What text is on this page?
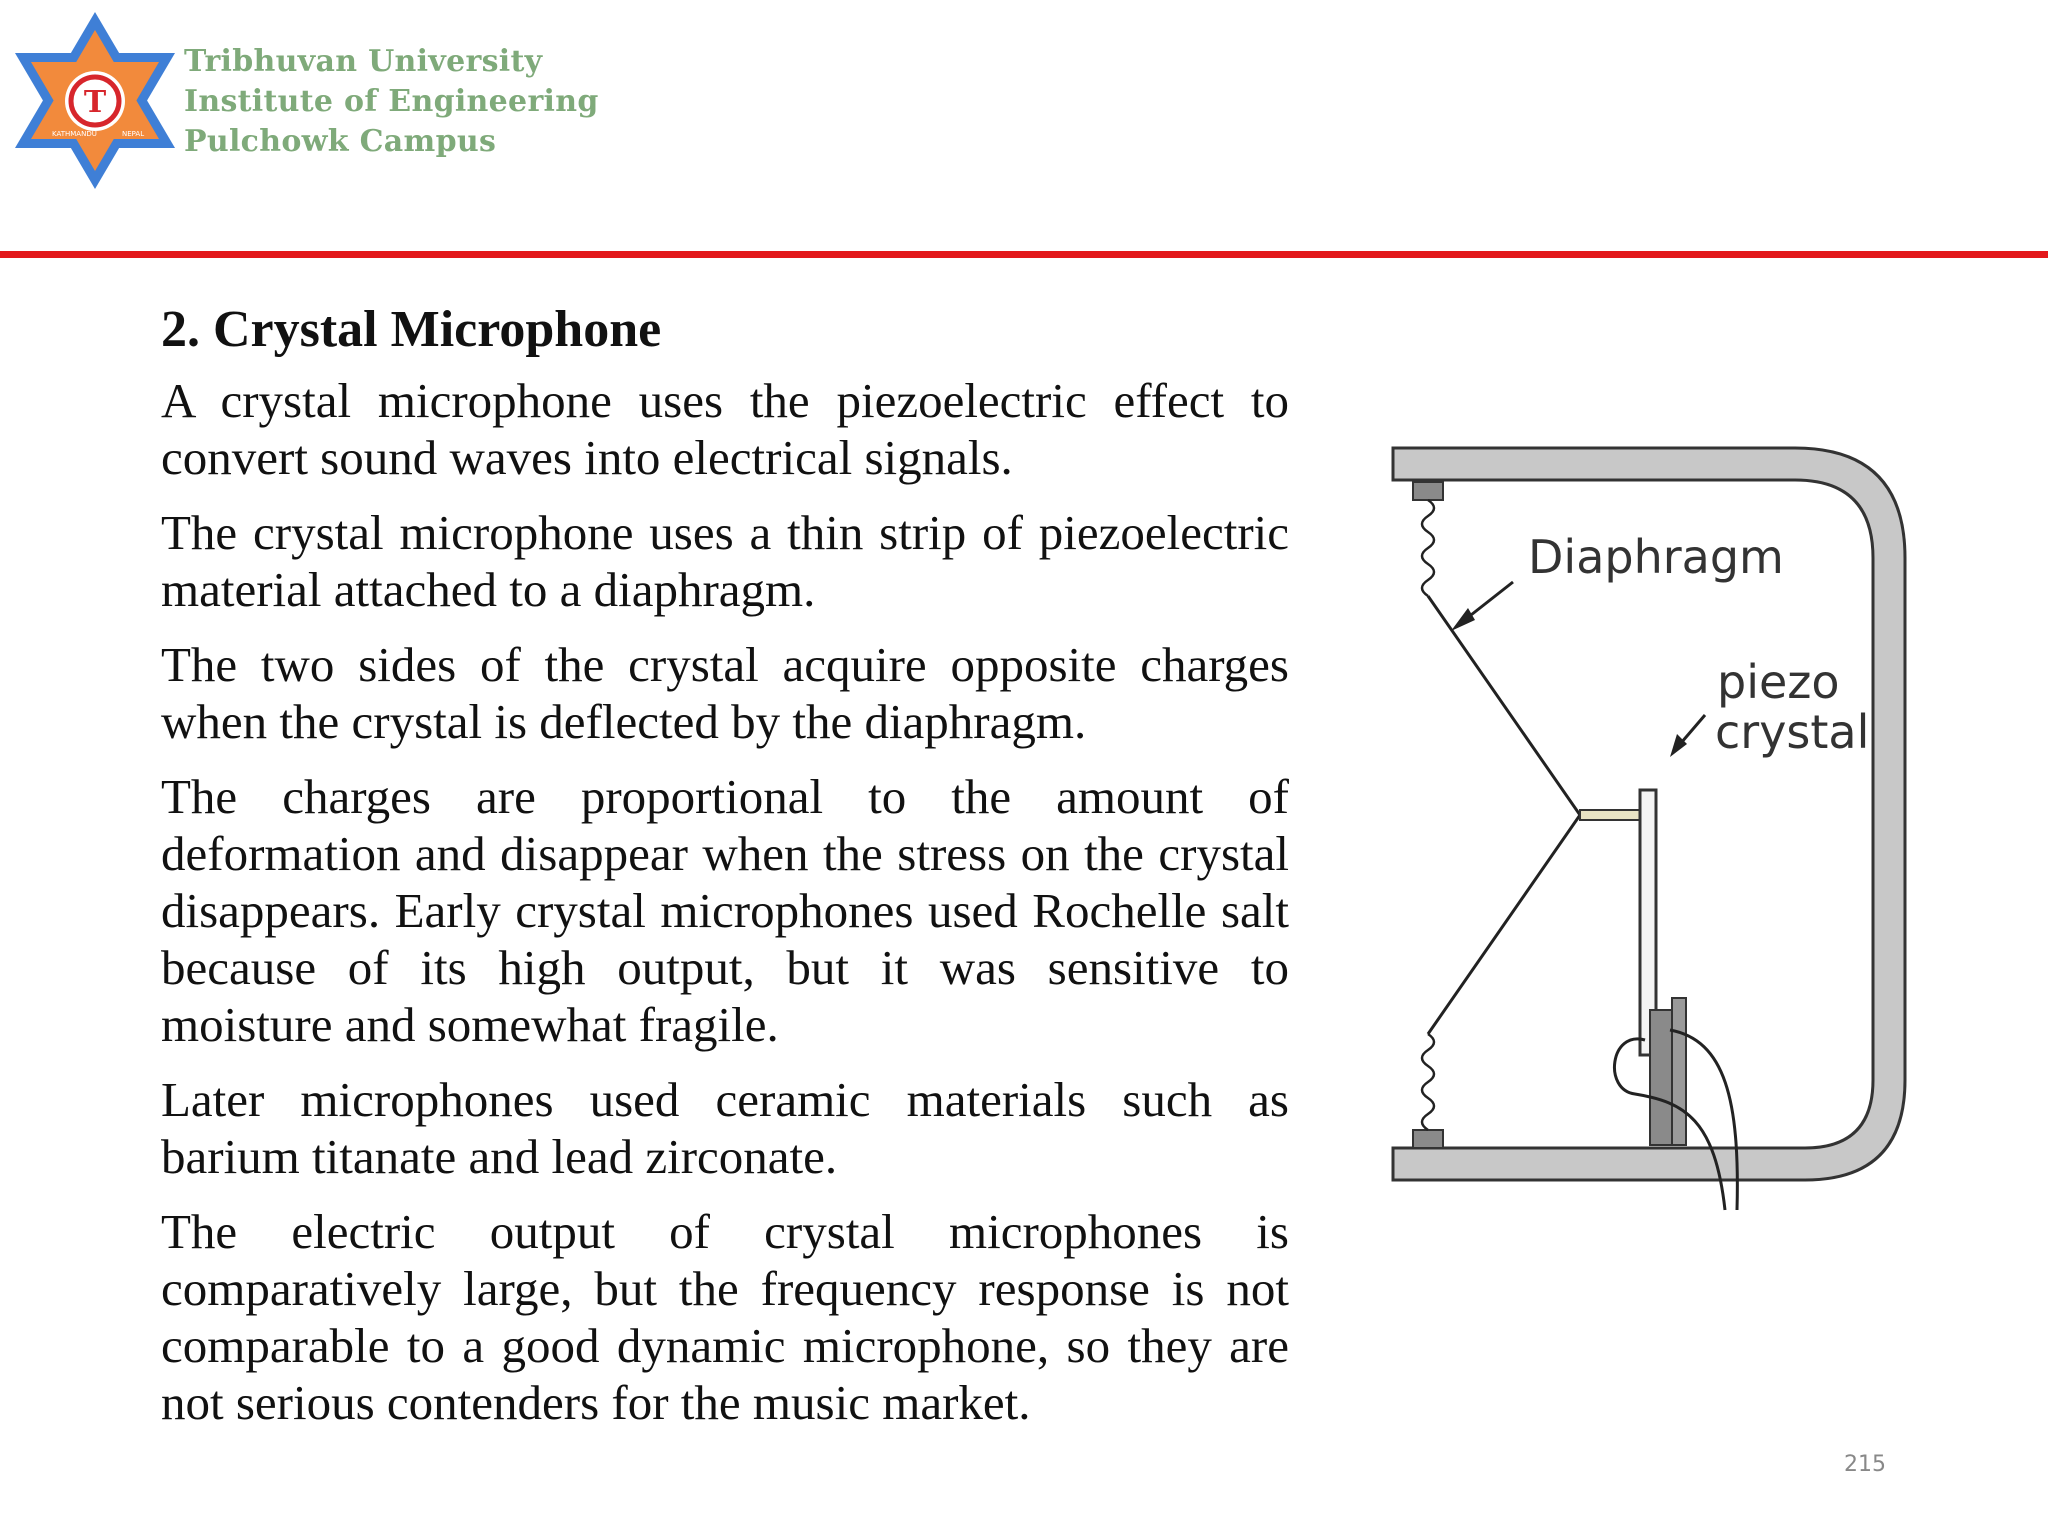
T
KATHMANDU	NEPAL
Tribhuvan University
Institute of Engineering
Pulchowk Campus
2. Crystal Microphone

A crystal microphone uses the piezoelectric effect to convert sound waves into electrical signals.

The crystal microphone uses a thin strip of piezoelectric material attached to a diaphragm.

The two sides of the crystal acquire opposite charges when the crystal is deflected by the diaphragm.

The charges are proportional to the amount of deformation and disappear when the stress on the crystal disappears. Early crystal microphones used Rochelle salt because of its high output, but it was sensitive to moisture and somewhat fragile.

Later microphones used ceramic materials such as barium titanate and lead zirconate.

The electric output of crystal microphones is comparatively large, but the frequency response is not comparable to a good dynamic microphone, so they are not serious contenders for the music market.

Diaphragm
piezo
crystal
215
